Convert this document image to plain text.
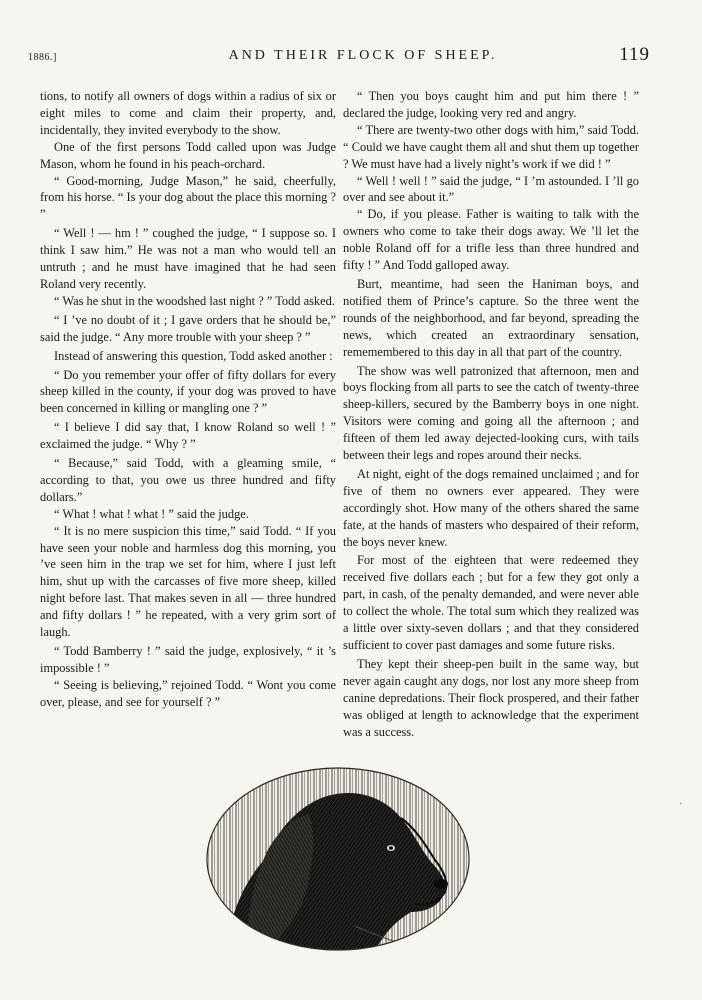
1886.]	AND THEIR FLOCK OF SHEEP.	119

tions, to notify all owners of dogs within a radius of six or eight miles to come and claim their property, and, incidentally, they invited everybody to the show.

One of the first persons Todd called upon was Judge Mason, whom he found in his peach-orchard.

“ Good-morning, Judge Mason,” he said, cheerfully, from his horse. “ Is your dog about the place this morning ? ”

“ Well ! — hm ! ” coughed the judge, “ I suppose so. I think I saw him.” He was not a man who would tell an untruth ; and he must have imagined that he had seen Roland very recently.

“ Was he shut in the woodshed last night ? ” Todd asked.

“ I ’ve no doubt of it ; I gave orders that he should be,” said the judge. “ Any more trouble with your sheep ? ”

Instead of answering this question, Todd asked another :

“ Do you remember your offer of fifty dollars for every sheep killed in the county, if your dog was proved to have been concerned in killing or mangling one ? ”

“ I believe I did say that, I know Roland so well ! ” exclaimed the judge. “ Why ? ”

“ Because,” said Todd, with a gleaming smile, “ according to that, you owe us three hundred and fifty dollars.”

“ What ! what ! what ! ” said the judge.

“ It is no mere suspicion this time,” said Todd. “ If you have seen your noble and harmless dog this morning, you ’ve seen him in the trap we set for him, where I just left him, shut up with the carcasses of five more sheep, killed night before last. That makes seven in all — three hundred and fifty dollars ! ” he repeated, with a very grim sort of laugh.

“ Todd Bamberry ! ” said the judge, explosively, “ it ’s impossible ! ”

“ Seeing is believing,” rejoined Todd. “ Wont you come over, please, and see for yourself ? ”

“ Then you boys caught him and put him there ! ” declared the judge, looking very red and angry.

“ There are twenty-two other dogs with him,” said Todd. “ Could we have caught them all and shut them up together ? We must have had a lively night’s work if we did ! ”

“ Well ! well ! ” said the judge, “ I ’m astounded. I ’ll go over and see about it.”

“ Do, if you please. Father is waiting to talk with the owners who come to take their dogs away. We ’ll let the noble Roland off for a trifle less than three hundred and fifty ! ” And Todd galloped away.

Burt, meantime, had seen the Haniman boys, and notified them of Prince’s capture. So the three went the rounds of the neighborhood, and far beyond, spreading the news, which created an extraordinary sensation, rememembered to this day in all that part of the country.

The show was well patronized that afternoon, men and boys flocking from all parts to see the catch of twenty-three sheep-killers, secured by the Bamberry boys in one night. Visitors were coming and going all the afternoon ; and fifteen of them led away dejected-looking curs, with tails between their legs and ropes around their necks.

At night, eight of the dogs remained unclaimed ; and for five of them no owners ever appeared. They were accordingly shot. How many of the others shared the same fate, at the hands of masters who despaired of their reform, the boys never knew.

For most of the eighteen that were redeemed they received five dollars each ; but for a few they got only a part, in cash, of the penalty demanded, and were never able to collect the whole. The total sum which they realized was a little over sixty-seven dollars ; and that they considered sufficient to cover past damages and some future risks.

They kept their sheep-pen built in the same way, but never again caught any dogs, nor lost any more sheep from canine depredations. Their flock prospered, and their father was obliged at length to acknowledge that the experiment was a success.

·
